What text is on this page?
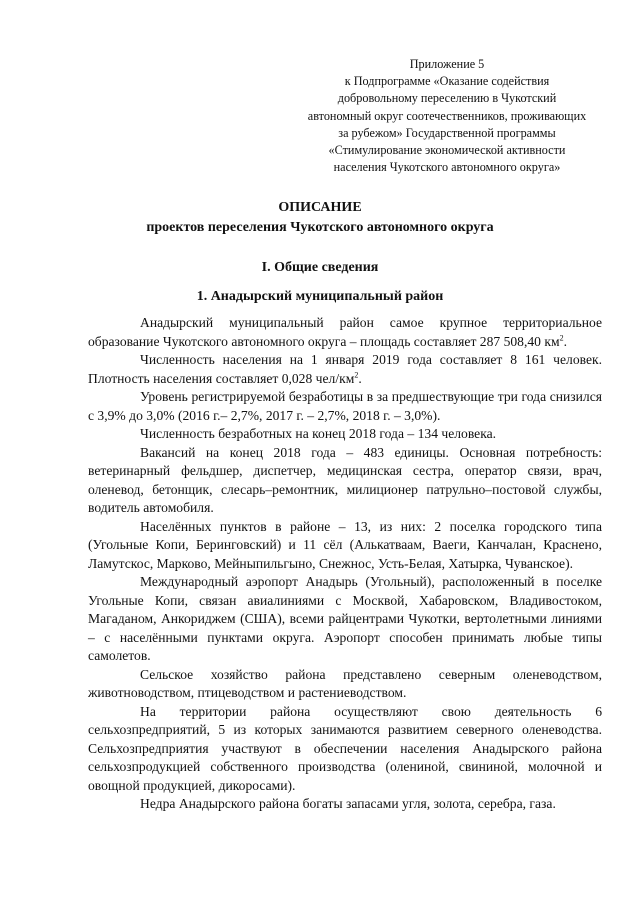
Приложение 5
к Подпрограмме «Оказание содействия
добровольному переселению в Чукотский
автономный округ соотечественников, проживающих
за рубежом» Государственной программы
«Стимулирование экономической активности
населения Чукотского автономного округа»
ОПИСАНИЕ
проектов переселения Чукотского автономного округа
I. Общие сведения
1. Анадырский муниципальный район

Анадырский муниципальный район самое крупное территориальное образование Чукотского автономного округа – площадь составляет 287 508,40 $км^2$.

Численность населения на 1 января 2019 года составляет 8 161 человек. Плотность населения составляет 0,028 чел/$км^2$.

Уровень регистрируемой безработицы в за предшествующие три года снизился с 3,9% до 3,0% (2016 г.– 2,7%, 2017 г. – 2,7%, 2018 г. – 3,0%).

Численность безработных на конец 2018 года – 134 человека.

Вакансий на конец 2018 года – 483 единицы. Основная потребность: ветеринарный фельдшер, диспетчер, медицинская сестра, оператор связи, врач, оленевод, бетонщик, слесарь–ремонтник, милиционер патрульно–постовой службы, водитель автомобиля.

Населённых пунктов в районе – 13, из них: 2 поселка городского типа (Угольные Копи, Беринговский) и 11 сёл (Алькатваам, Ваеги, Канчалан, Краснено, Ламутскос, Марково, Мейныпильгыно, Снежнос, Усть-Белая, Хатырка, Чуванское).

Международный аэропорт Анадырь (Угольный), расположенный в поселке Угольные Копи, связан авиалиниями с Москвой, Хабаровском, Владивостоком, Магаданом, Анкориджем (США), всеми райцентрами Чукотки, вертолетными линиями – с населёнными пунктами округа. Аэропорт способен принимать любые типы самолетов.

Сельское хозяйство района представлено северным оленеводством, животноводством, птицеводством и растениеводством.

На территории района осуществляют свою деятельность 6 сельхозпредприятий, 5 из которых занимаются развитием северного оленеводства. Сельхозпредприятия участвуют в обеспечении населения Анадырского района сельхозпродукцией собственного производства (олениной, свининой, молочной и овощной продукцией, дикоросами).

Недра Анадырского района богаты запасами угля, золота, серебра, газа.
